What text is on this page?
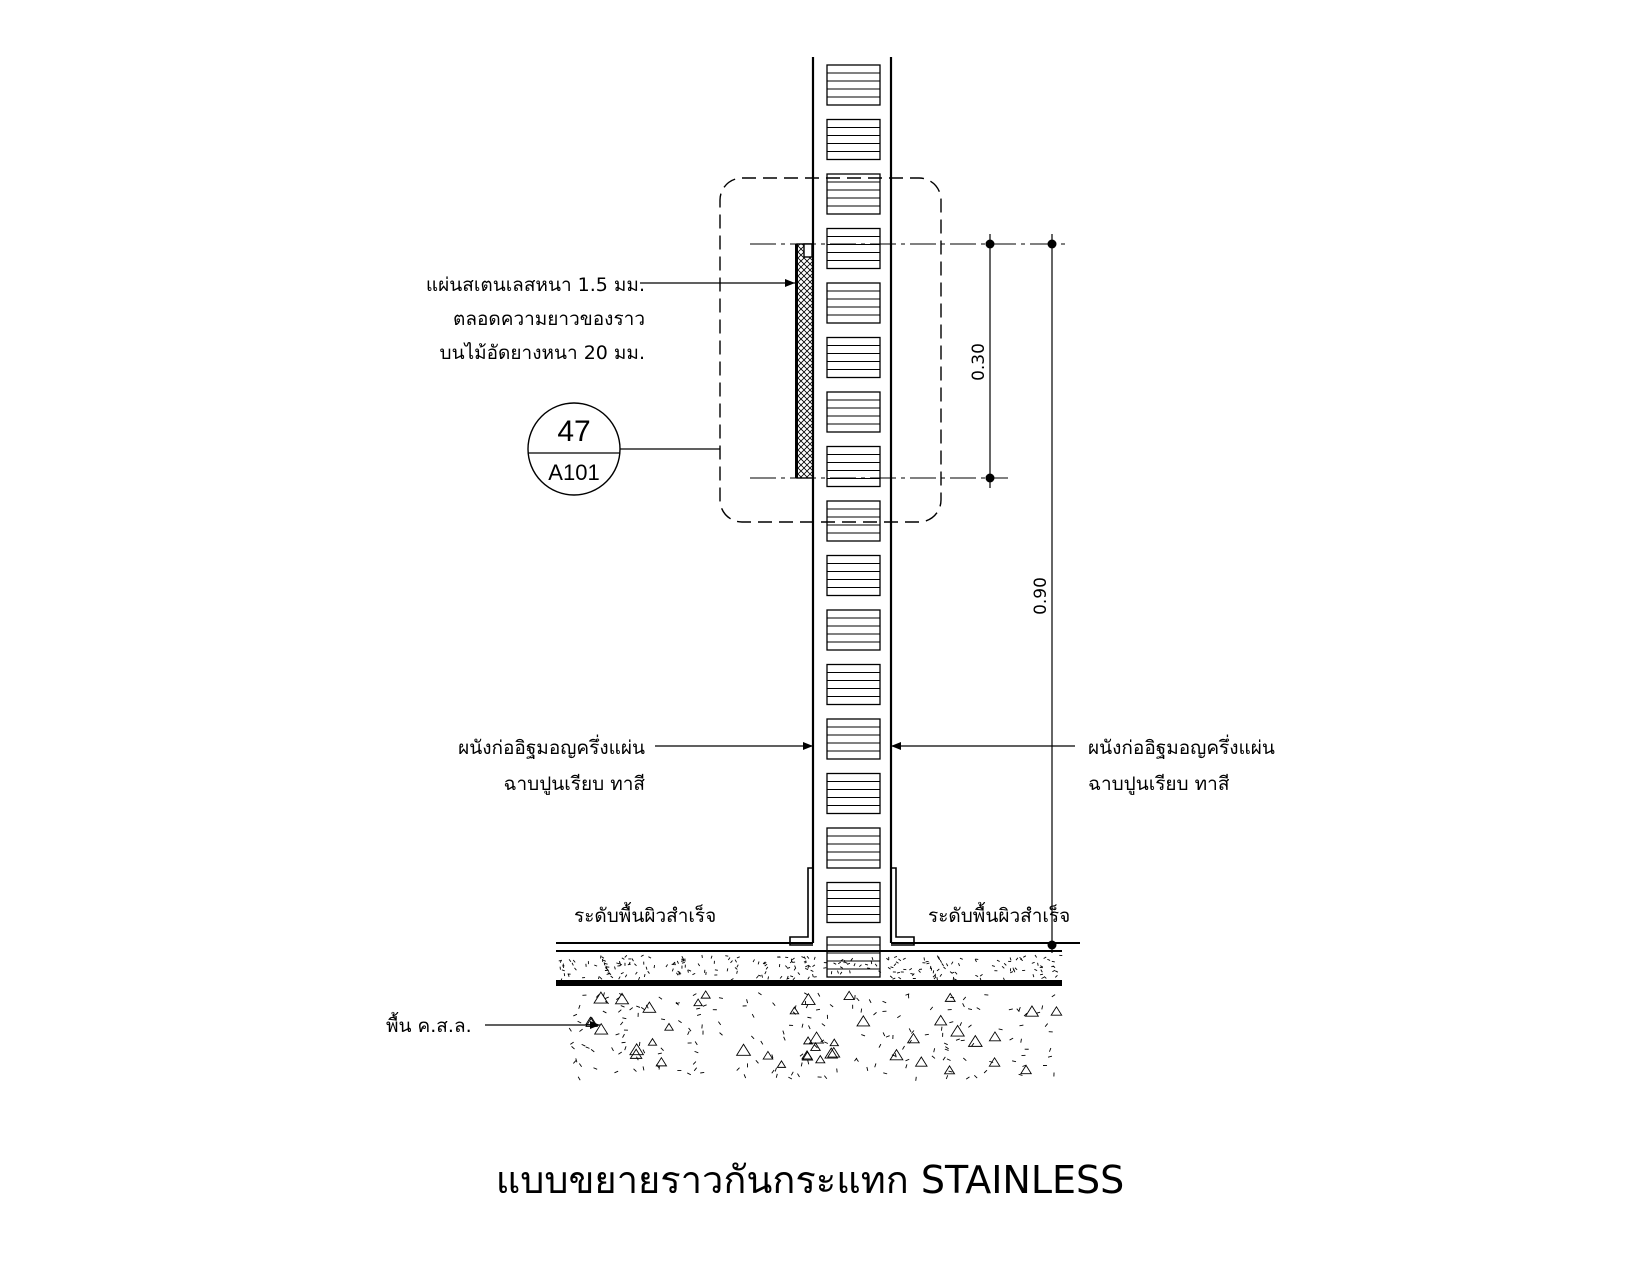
0.30
0.90
แผ่นสเตนเลสหนา 1.5 มม.
ตลอดความยาวของราว
บนไม้อัดยางหนา 20 มม.
47
A101
ผนังก่ออิฐมอญครึ่งแผ่น
ฉาบปูนเรียบ ทาสี
ผนังก่ออิฐมอญครึ่งแผ่น
ฉาบปูนเรียบ ทาสี
ระดับพื้นผิวสำเร็จ	ระดับพื้นผิวสำเร็จ
พื้น ค.ส.ล.
แบบขยายราวกันกระแทก STAINLESS
